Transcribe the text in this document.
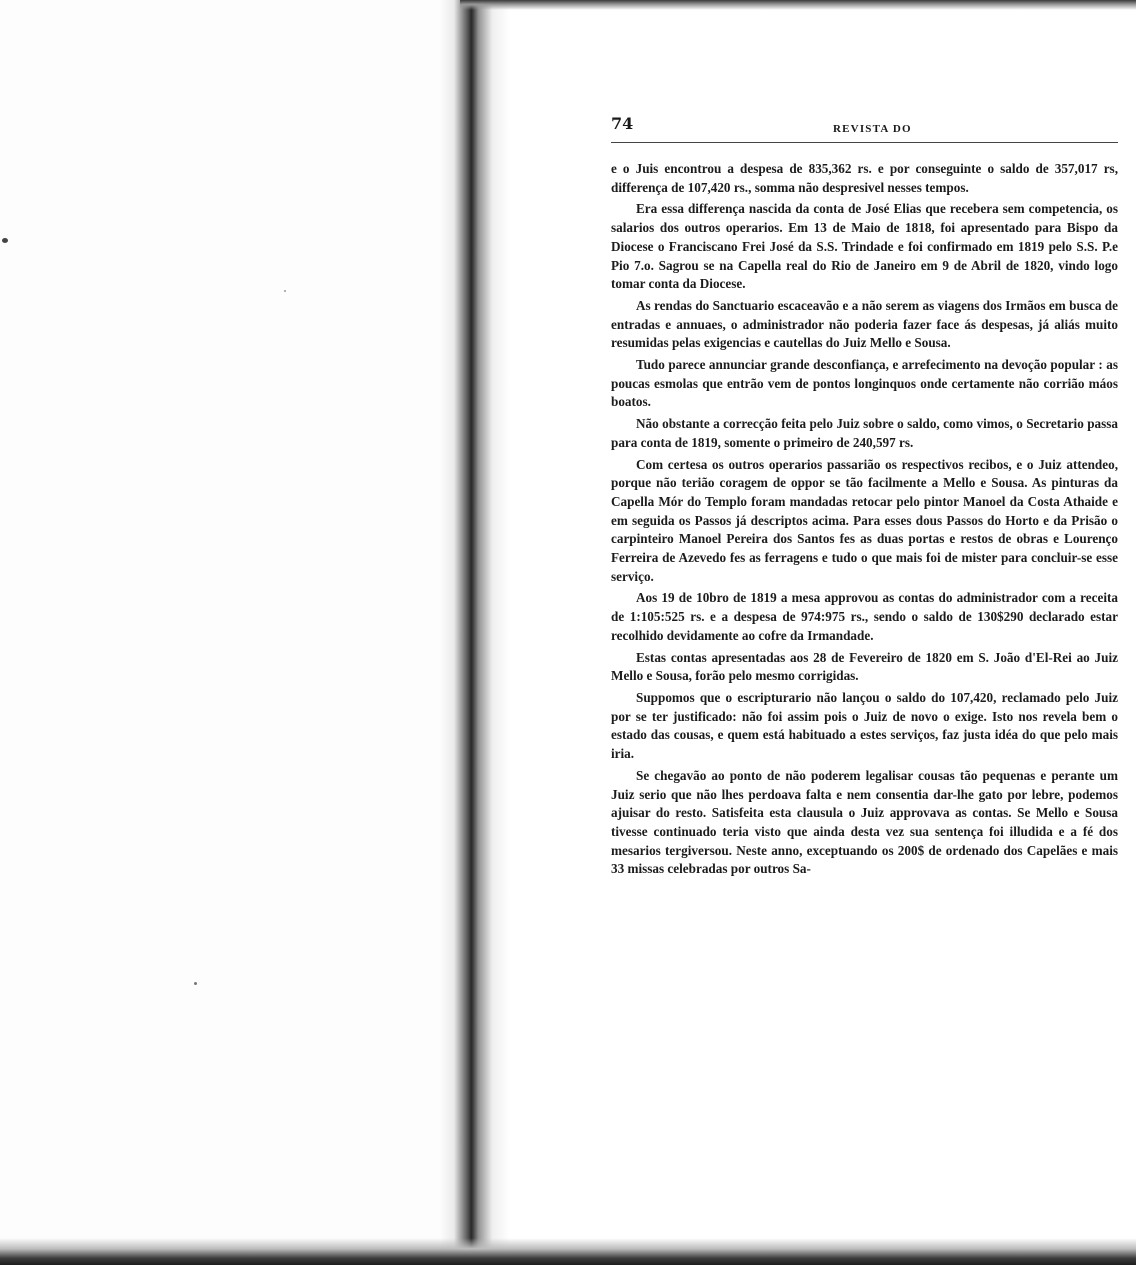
74	REVISTA DO

e o Juis encontrou a despesa de 835,362 rs. e por conseguinte o saldo de 357,017 rs, differença de 107,420 rs., somma não despresivel nesses tempos.

Era essa differença nascida da conta de José Elias que recebera sem competencia, os salarios dos outros operarios. Em 13 de Maio de 1818, foi apresentado para Bispo da Diocese o Franciscano Frei José da S.S. Trindade e foi confirmado em 1819 pelo S.S. P.e Pio 7.o. Sagrou se na Capella real do Rio de Janeiro em 9 de Abril de 1820, vindo logo tomar conta da Diocese.

As rendas do Sanctuario escaceavão e a não serem as viagens dos Irmãos em busca de entradas e annuaes, o administrador não poderia fazer face ás despesas, já aliás muito resumidas pelas exigencias e cautellas do Juiz Mello e Sousa.

Tudo parece annunciar grande desconfiança, e arrefecimento na devoção popular : as poucas esmolas que entrão vem de pontos longinquos onde certamente não corrião máos boatos.

Não obstante a correcção feita pelo Juiz sobre o saldo, como vimos, o Secretario passa para conta de 1819, somente o primeiro de 240,597 rs.

Com certesa os outros operarios passarião os respectivos recibos, e o Juiz attendeo, porque não terião coragem de oppor se tão facilmente a Mello e Sousa. As pinturas da Capella Mór do Templo foram mandadas retocar pelo pintor Manoel da Costa Athaide e em seguida os Passos já descriptos acima. Para esses dous Passos do Horto e da Prisão o carpinteiro Manoel Pereira dos Santos fes as duas portas e restos de obras e Lourenço Ferreira de Azevedo fes as ferragens e tudo o que mais foi de mister para concluir-se esse serviço.

Aos 19 de 10bro de 1819 a mesa approvou as contas do administrador com a receita de 1:105:525 rs. e a despesa de 974:975 rs., sendo o saldo de 130$290 declarado estar recolhido devidamente ao cofre da Irmandade.

Estas contas apresentadas aos 28 de Fevereiro de 1820 em S. João d'El-Rei ao Juiz Mello e Sousa, forão pelo mesmo corrigidas.

Suppomos que o escripturario não lançou o saldo do 107,420, reclamado pelo Juiz por se ter justificado: não foi assim pois o Juiz de novo o exige. Isto nos revela bem o estado das cousas, e quem está habituado a estes serviços, faz justa idéa do que pelo mais iria.

Se chegavão ao ponto de não poderem legalisar cousas tão pequenas e perante um Juiz serio que não lhes perdoava falta e nem consentia dar-lhe gato por lebre, podemos ajuisar do resto. Satisfeita esta clausula o Juiz approvava as contas. Se Mello e Sousa tivesse continuado teria visto que ainda desta vez sua sentença foi illudida e a fé dos mesarios tergiversou. Neste anno, exceptuando os 200$ de ordenado dos Capelães e mais 33 missas celebradas por outros Sa-
